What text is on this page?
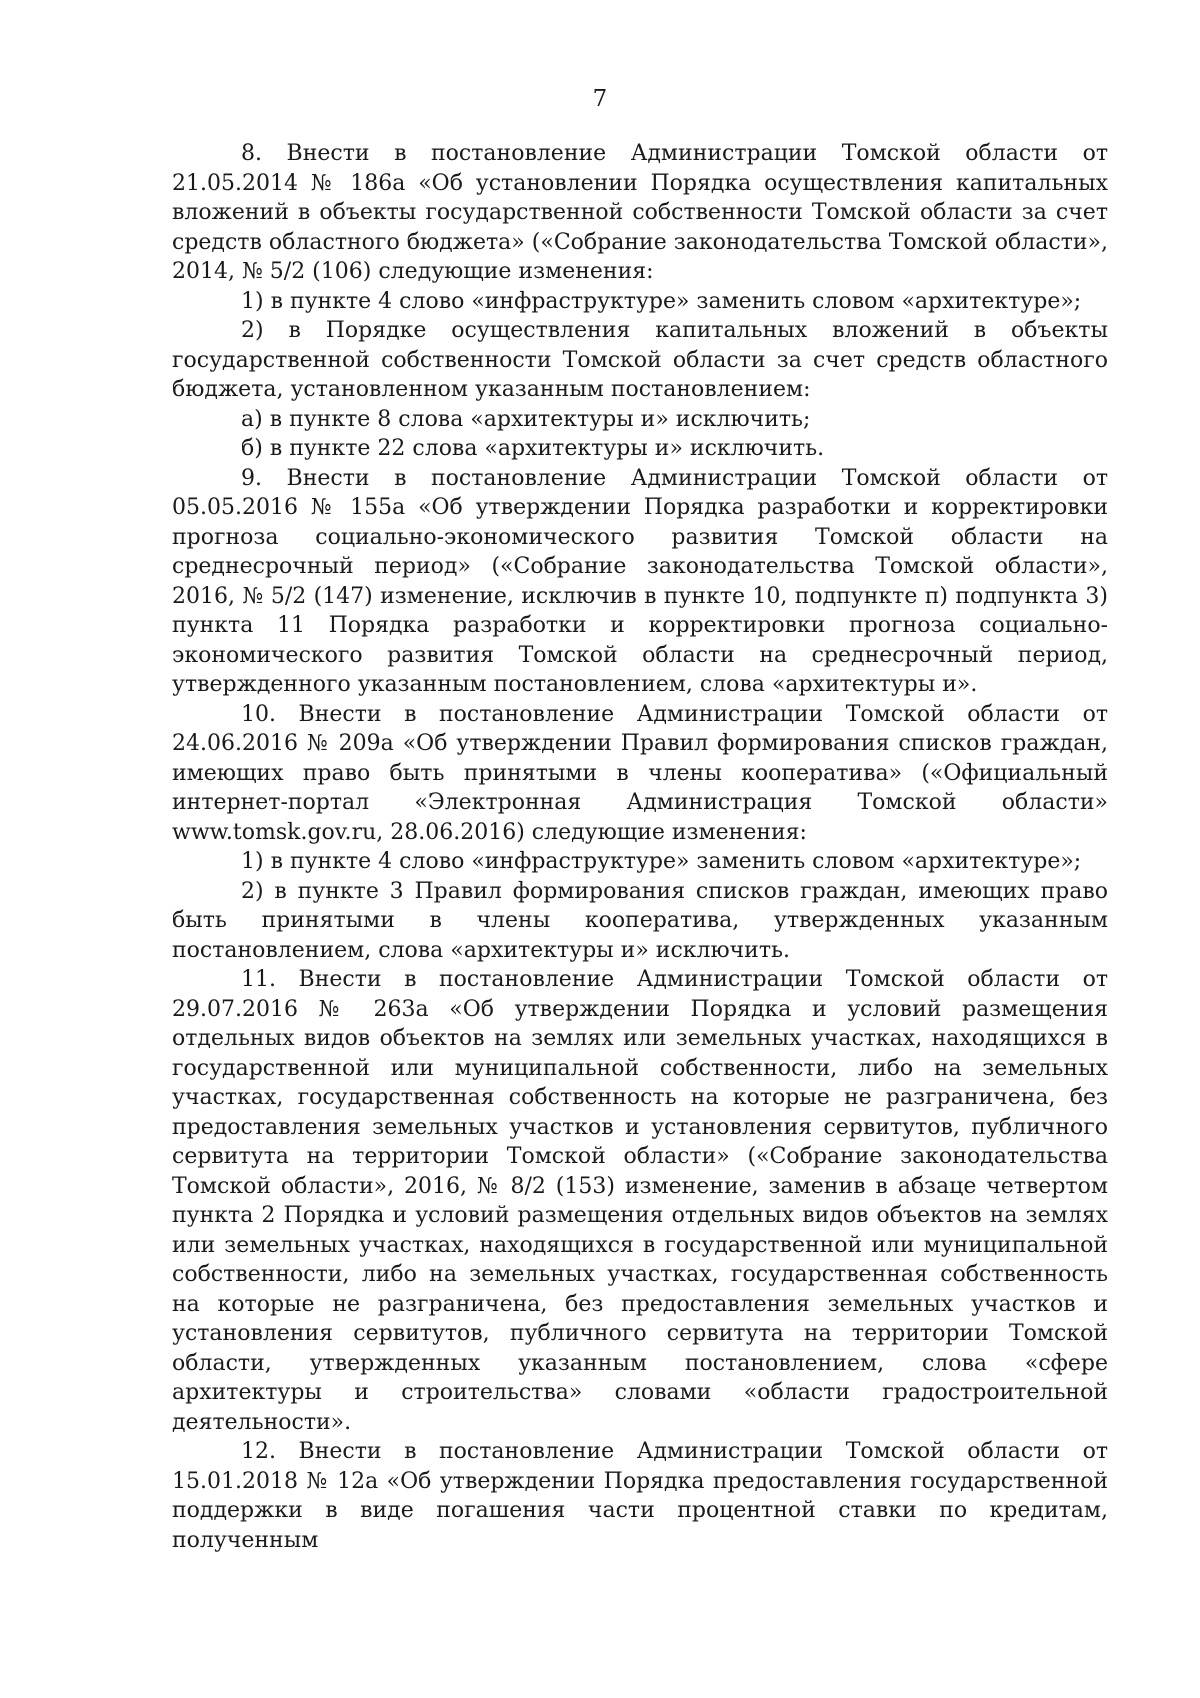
7

8. Внести в постановление Администрации Томской области от 21.05.2014 № 186а «Об установлении Порядка осуществления капитальных вложений в объекты государственной собственности Томской области за счет средств областного бюджета» («Собрание законодательства Томской области», 2014, № 5/2 (106) следующие изменения:

1) в пункте 4 слово «инфраструктуре» заменить словом «архитектуре»;

2) в Порядке осуществления капитальных вложений в объекты государственной собственности Томской области за счет средств областного бюджета, установленном указанным постановлением:

а) в пункте 8 слова «архитектуры и» исключить;

б) в пункте 22 слова «архитектуры и» исключить.

9. Внести в постановление Администрации Томской области от 05.05.2016 № 155а «Об утверждении Порядка разработки и корректировки прогноза социально-экономического развития Томской области на среднесрочный период» («Собрание законодательства Томской области», 2016, № 5/2 (147) изменение, исключив в пункте 10, подпункте п) подпункта 3) пункта 11 Порядка разработки и корректировки прогноза социально-экономического развития Томской области на среднесрочный период, утвержденного указанным постановлением, слова «архитектуры и».

10. Внести в постановление Администрации Томской области от 24.06.2016 № 209а «Об утверждении Правил формирования списков граждан, имеющих право быть принятыми в члены кооператива» («Официальный интернет-портал «Электронная Администрация Томской области» www.tomsk.gov.ru, 28.06.2016) следующие изменения:

1) в пункте 4 слово «инфраструктуре» заменить словом «архитектуре»;

2) в пункте 3 Правил формирования списков граждан, имеющих право быть принятыми в члены кооператива, утвержденных указанным постановлением, слова «архитектуры и» исключить.

11. Внести в постановление Администрации Томской области от 29.07.2016 № 263а «Об утверждении Порядка и условий размещения отдельных видов объектов на землях или земельных участках, находящихся в государственной или муниципальной собственности, либо на земельных участках, государственная собственность на которые не разграничена, без предоставления земельных участков и установления сервитутов, публичного сервитута на территории Томской области» («Собрание законодательства Томской области», 2016, № 8/2 (153) изменение, заменив в абзаце четвертом пункта 2 Порядка и условий размещения отдельных видов объектов на землях или земельных участках, находящихся в государственной или муниципальной собственности, либо на земельных участках, государственная собственность на которые не разграничена, без предоставления земельных участков и установления сервитутов, публичного сервитута на территории Томской области, утвержденных указанным постановлением, слова «сфере архитектуры и строительства» словами «области градостроительной деятельности».

12. Внести в постановление Администрации Томской области от 15.01.2018 № 12а «Об утверждении Порядка предоставления государственной поддержки в виде погашения части процентной ставки по кредитам, полученным
